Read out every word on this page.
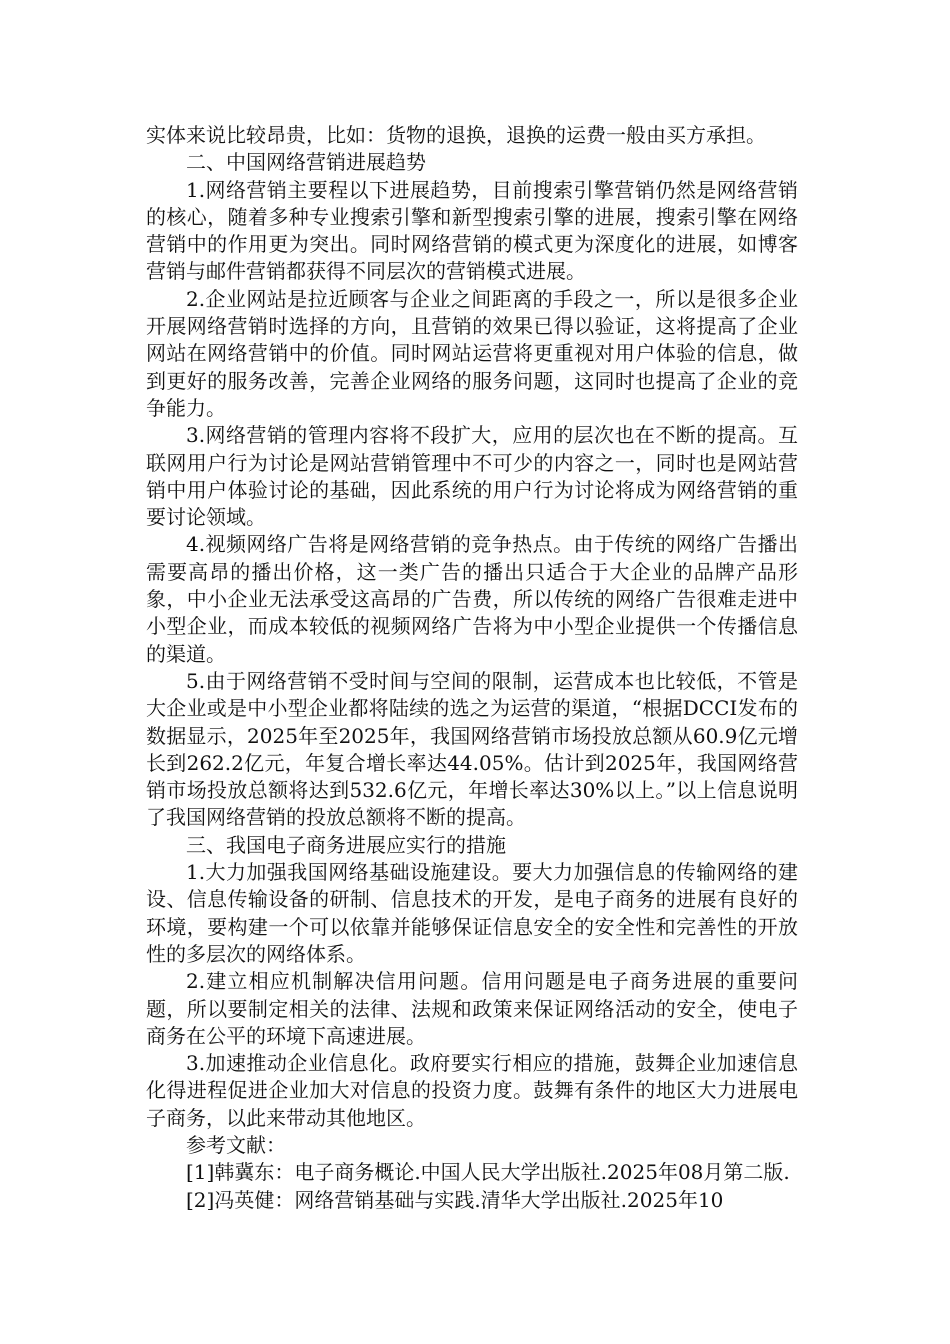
实体来说比较昂贵，比如：货物的退换，退换的运费一般由买方承担。

二、中国网络营销进展趋势

1.网络营销主要程以下进展趋势，目前搜索引擎营销仍然是网络营销的核心，随着多种专业搜索引擎和新型搜索引擎的进展，搜索引擎在网络营销中的作用更为突出。同时网络营销的模式更为深度化的进展，如博客营销与邮件营销都获得不同层次的营销模式进展。

2.企业网站是拉近顾客与企业之间距离的手段之一，所以是很多企业开展网络营销时选择的方向，且营销的效果已得以验证，这将提高了企业网站在网络营销中的价值。同时网站运营将更重视对用户体验的信息，做到更好的服务改善，完善企业网络的服务问题，这同时也提高了企业的竞争能力。

3.网络营销的管理内容将不段扩大，应用的层次也在不断的提高。互联网用户行为讨论是网站营销管理中不可少的内容之一，同时也是网站营销中用户体验讨论的基础，因此系统的用户行为讨论将成为网络营销的重要讨论领域。

4.视频网络广告将是网络营销的竞争热点。由于传统的网络广告播出需要高昂的播出价格，这一类广告的播出只适合于大企业的品牌产品形象，中小企业无法承受这高昂的广告费，所以传统的网络广告很难走进中小型企业，而成本较低的视频网络广告将为中小型企业提供一个传播信息的渠道。

5.由于网络营销不受时间与空间的限制，运营成本也比较低，不管是大企业或是中小型企业都将陆续的选之为运营的渠道，“根据DCCI发布的数据显示，2025年至2025年，我国网络营销市场投放总额从60.9亿元增长到262.2亿元，年复合增长率达44.05%。估计到2025年，我国网络营销市场投放总额将达到532.6亿元，年增长率达30%以上。”以上信息说明了我国网络营销的投放总额将不断的提高。

三、我国电子商务进展应实行的措施

1.大力加强我国网络基础设施建设。要大力加强信息的传输网络的建设、信息传输设备的研制、信息技术的开发，是电子商务的进展有良好的环境，要构建一个可以依靠并能够保证信息安全的安全性和完善性的开放性的多层次的网络体系。

2.建立相应机制解决信用问题。信用问题是电子商务进展的重要问题，所以要制定相关的法律、法规和政策来保证网络活动的安全，使电子商务在公平的环境下高速进展。

3.加速推动企业信息化。政府要实行相应的措施，鼓舞企业加速信息化得进程促进企业加大对信息的投资力度。鼓舞有条件的地区大力进展电子商务，以此来带动其他地区。

参考文献：

[1]韩冀东：电子商务概论.中国人民大学出版社.2025年08月第二版.

[2]冯英健：网络营销基础与实践.清华大学出版社.2025年10
